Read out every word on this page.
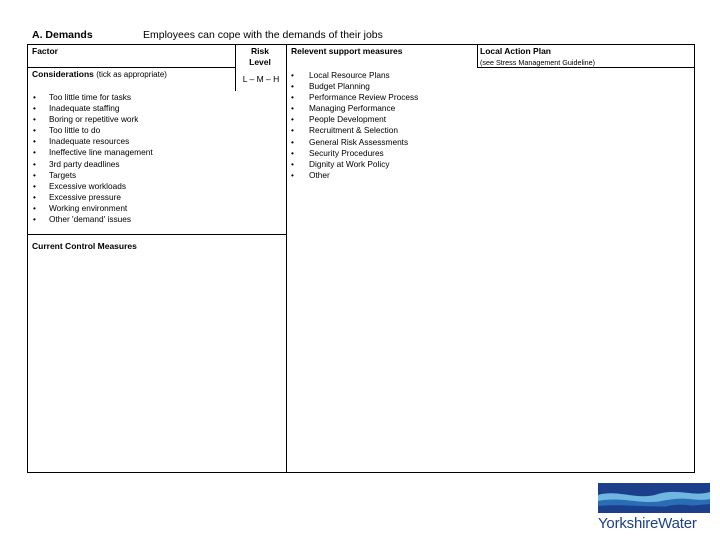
A. Demands	Employees can cope with the demands of their jobs
Factor	Risk
Level
Relevent support measures	Local Action Plan
(see Stress Management Guideline)
Considerations (tick as appropriate)	L – M – H
• Too little time for tasks
• Inadequate staffing
• Boring or repetitive work
• Too little to do
• Inadequate resources
• Ineffective line management
• 3rd party deadlines
• Targets
• Excessive workloads
• Excessive pressure
• Working environment
• Other 'demand' issues
• Local Resource Plans
• Budget Planning
• Performance Review Process
• Managing Performance
• People Development
• Recruitment & Selection
• General Risk Assessments
• Security Procedures
• Dignity at Work Policy
• Other
Current Control Measures
YorkshireWater
